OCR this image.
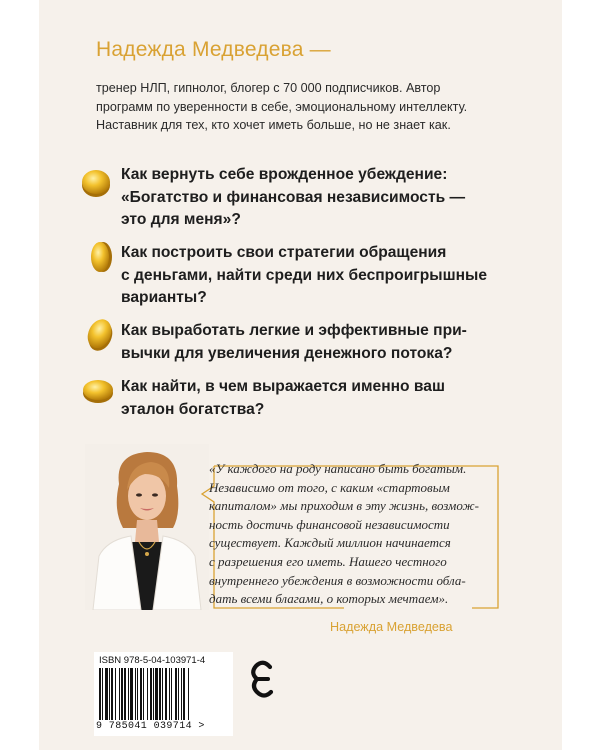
Надежда Медведева —
тренер НЛП, гипнолог, блогер с 70 000 подписчиков. Автор
программ по уверенности в себе, эмоциональному интеллекту.
Наставник для тех, кто хочет иметь больше, но не знает как.
Как вернуть себе врожденное убеждение:
«Богатство и финансовая независимость —
это для меня»?
Как построить свои стратегии обращения
с деньгами, найти среди них беспроигрышные
варианты?
Как выработать легкие и эффективные при-
вычки для увеличения денежного потока?
Как найти, в чем выражается именно ваш
эталон богатства?
«У каждого на роду написано быть богатым.
Независимо от того, с каким «стартовым
капиталом» мы приходим в эту жизнь, возмож-
ность достичь финансовой независимости
существует. Каждый миллион начинается
с разрешения его иметь. Нашего честного
внутреннего убеждения в возможности обла-
дать всеми благами, о которых мечтаем».
Надежда Медведева
ISBN 978-5-04-103971-4
9 785041 039714 >
